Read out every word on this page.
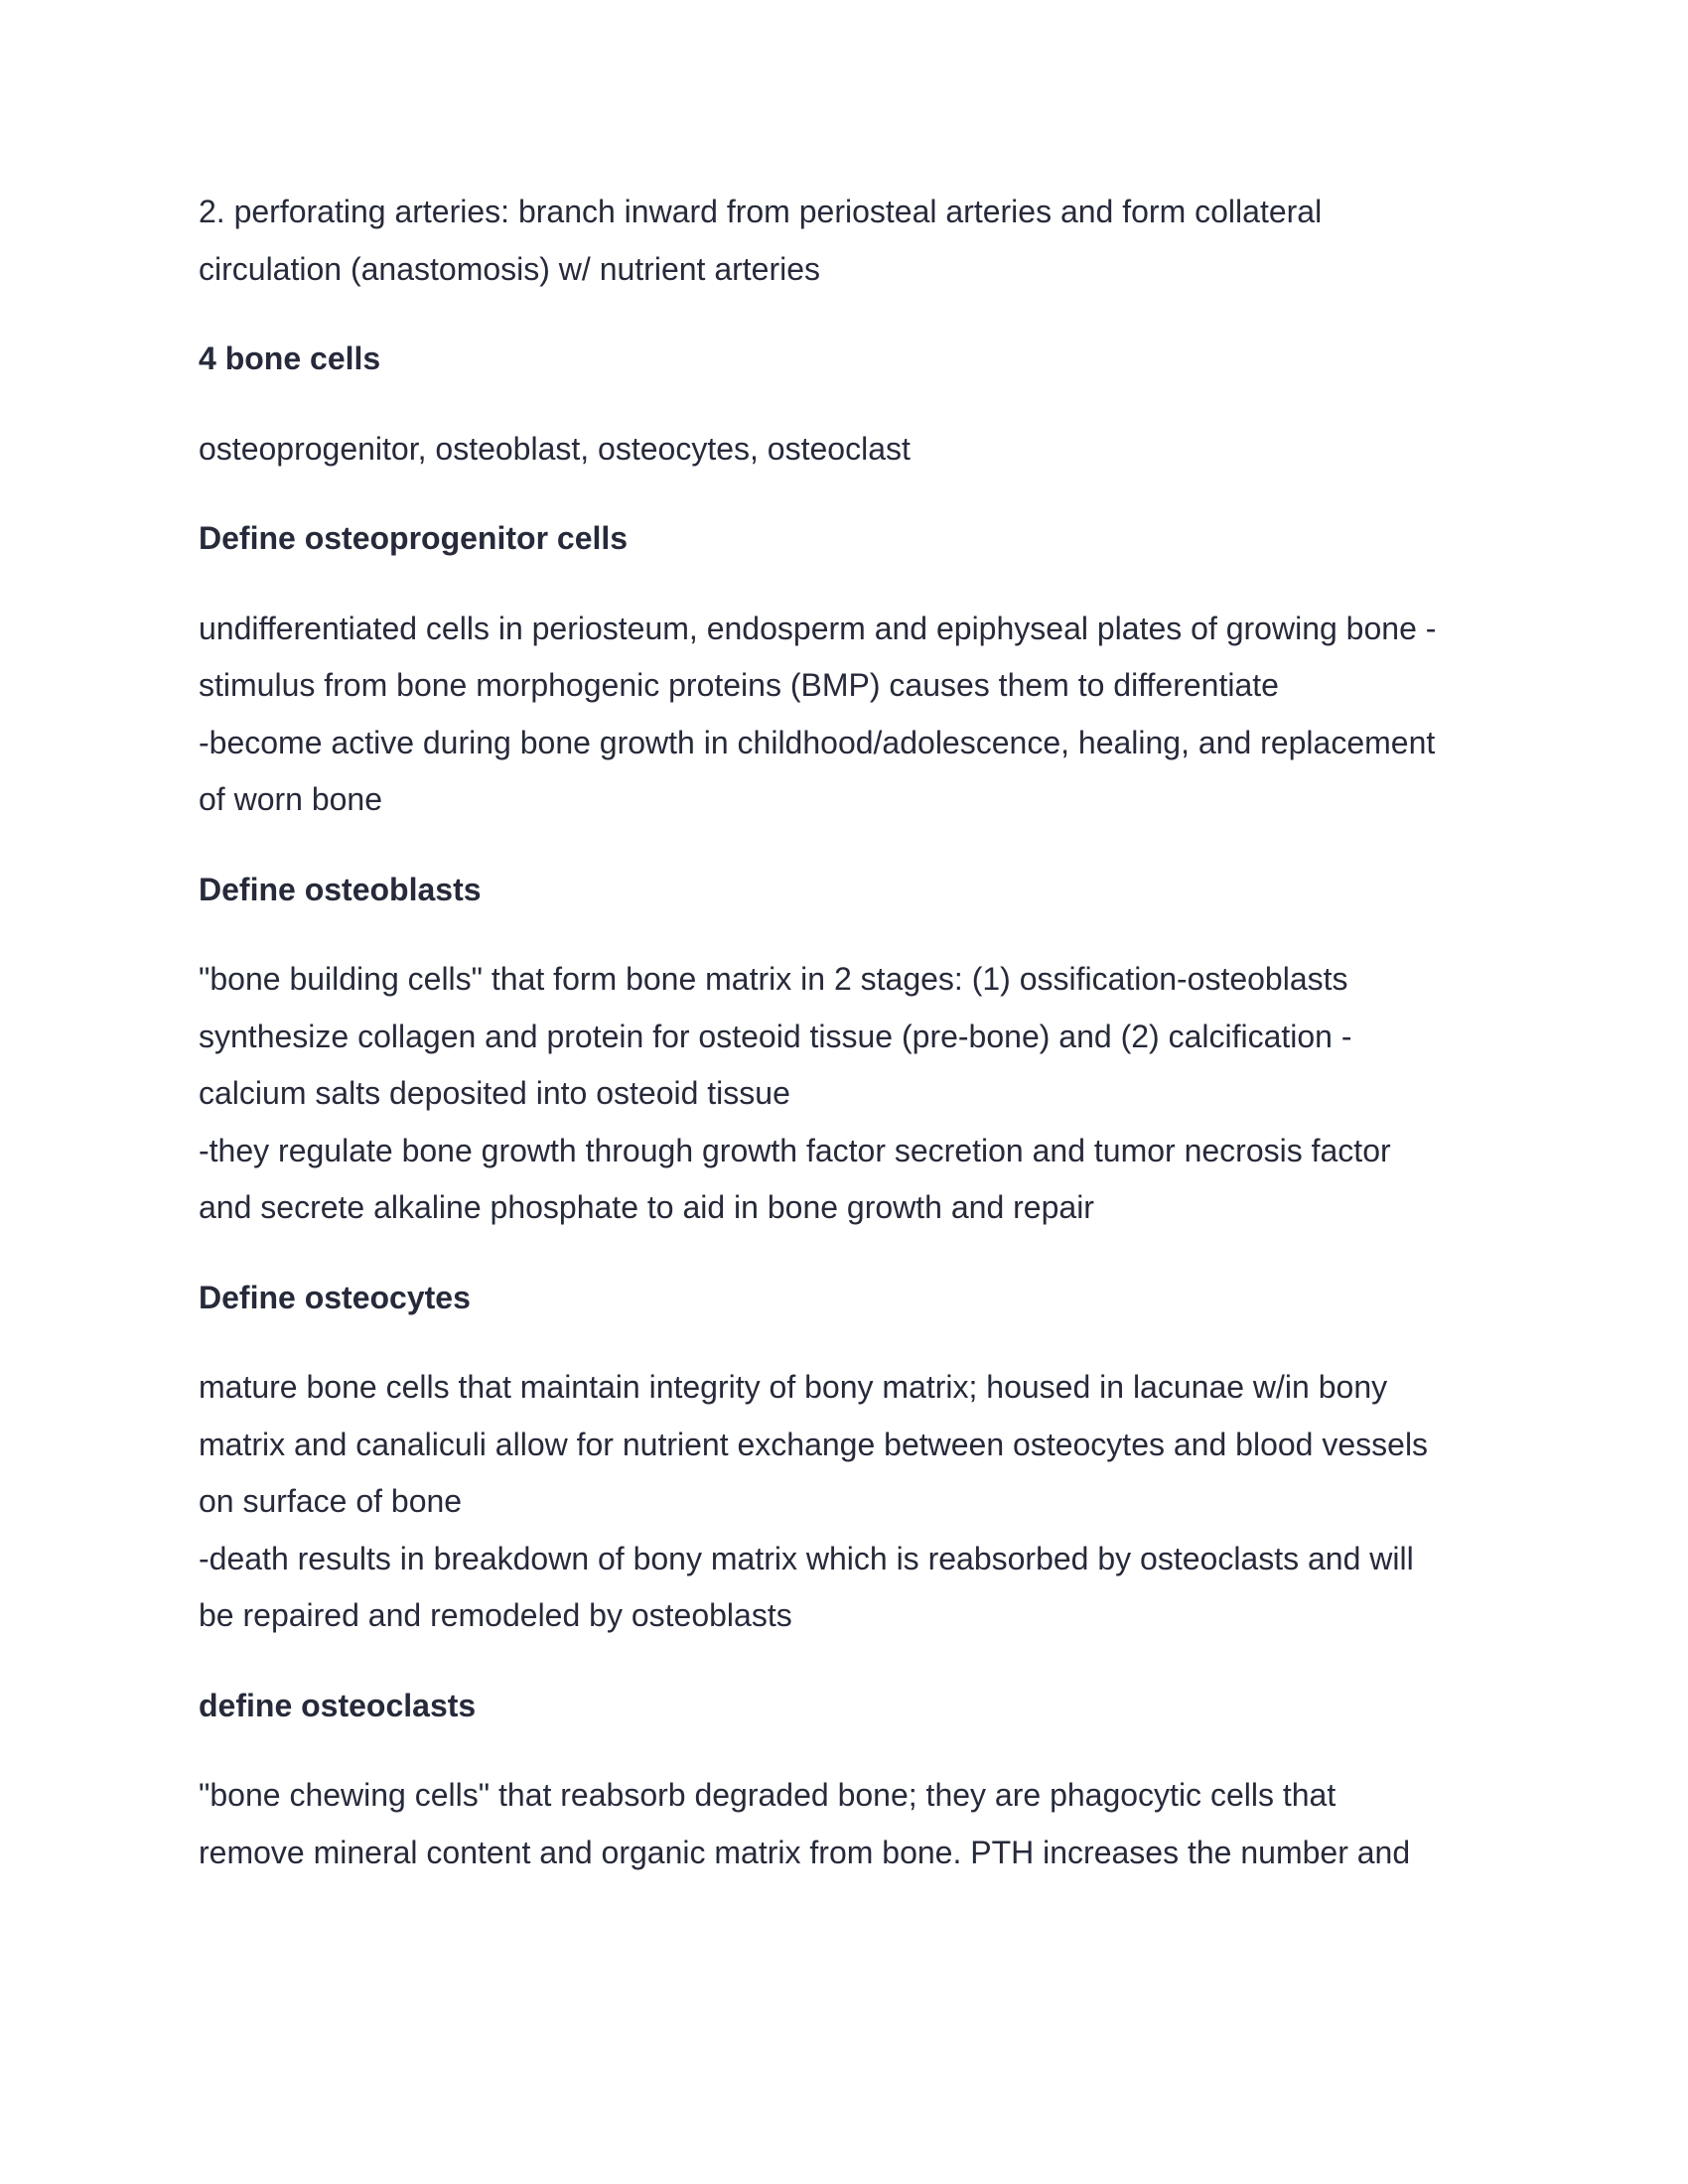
2. perforating arteries: branch inward from periosteal arteries and form collateral
circulation (anastomosis) w/ nutrient arteries
4 bone cells
osteoprogenitor, osteoblast, osteocytes, osteoclast
Define osteoprogenitor cells
undifferentiated cells in periosteum, endosperm and epiphyseal plates of growing bone -
stimulus from bone morphogenic proteins (BMP) causes them to differentiate
-become active during bone growth in childhood/adolescence, healing, and replacement
of worn bone
Define osteoblasts
"bone building cells" that form bone matrix in 2 stages: (1) ossification-osteoblasts
synthesize collagen and protein for osteoid tissue (pre-bone) and (2) calcification -
calcium salts deposited into osteoid tissue
-they regulate bone growth through growth factor secretion and tumor necrosis factor
and secrete alkaline phosphate to aid in bone growth and repair
Define osteocytes
mature bone cells that maintain integrity of bony matrix; housed in lacunae w/in bony
matrix and canaliculi allow for nutrient exchange between osteocytes and blood vessels
on surface of bone
-death results in breakdown of bony matrix which is reabsorbed by osteoclasts and will
be repaired and remodeled by osteoblasts
define osteoclasts
"bone chewing cells" that reabsorb degraded bone; they are phagocytic cells that
remove mineral content and organic matrix from bone. PTH increases the number and
